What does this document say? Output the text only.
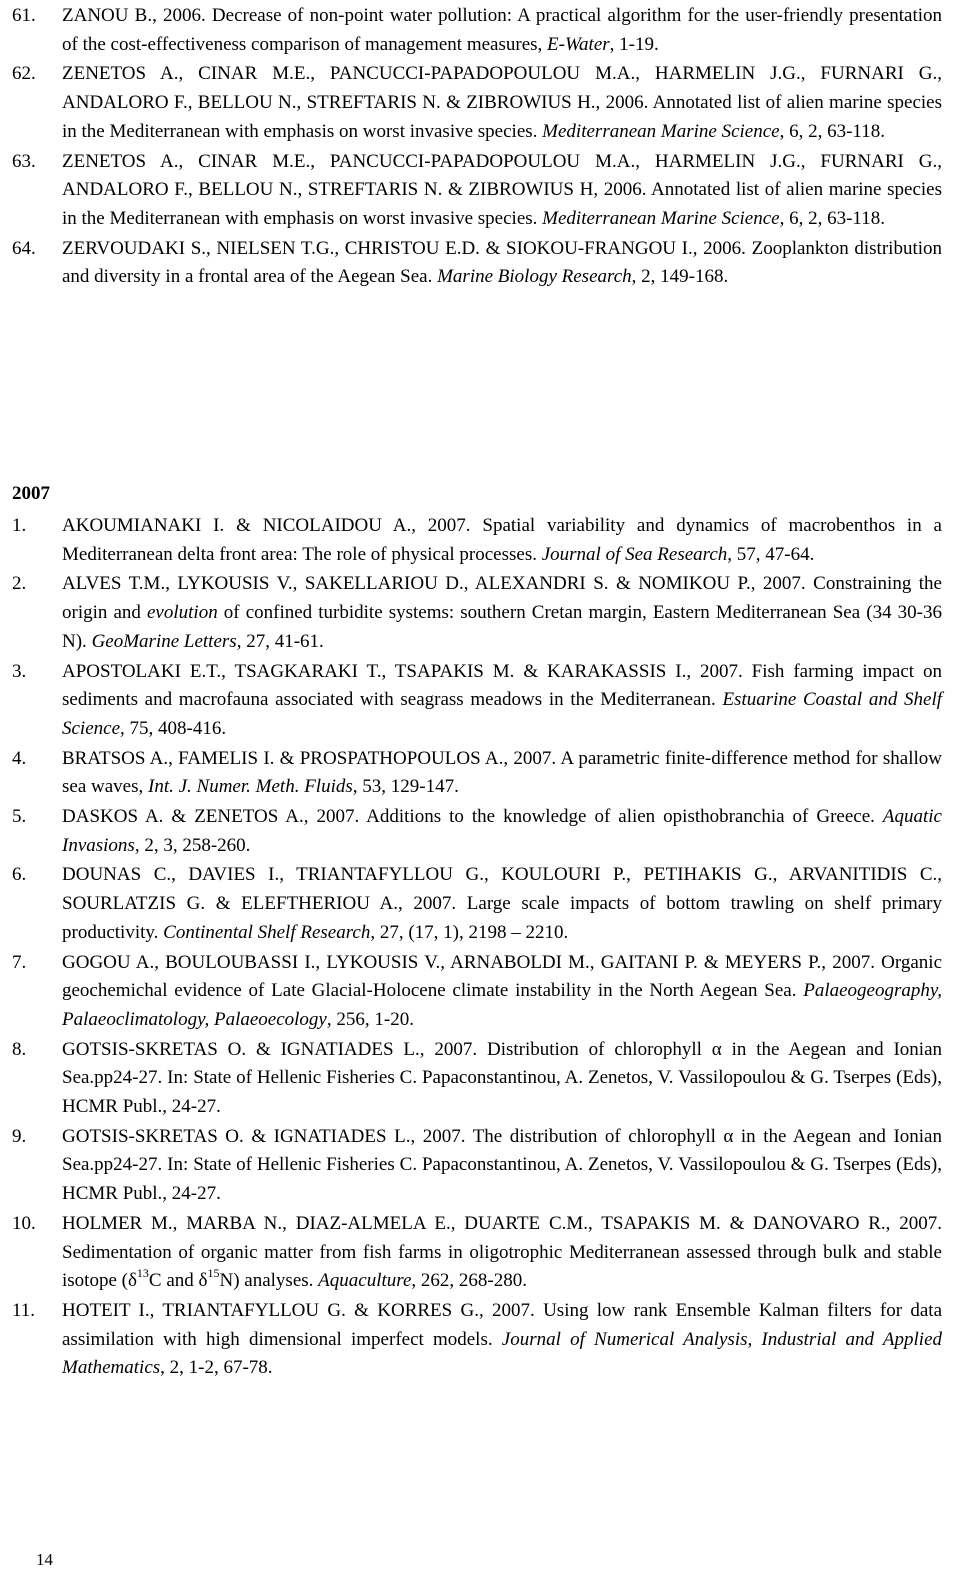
61. ZANOU B., 2006. Decrease of non-point water pollution: A practical algorithm for the user-friendly presentation of the cost-effectiveness comparison of management measures, E-Water, 1-19.
62. ZENETOS A., CINAR M.E., PANCUCCI-PAPADOPOULOU M.A., HARMELIN J.G., FURNARI G., ANDALORO F., BELLOU N., STREFTARIS N. & ZIBROWIUS H., 2006. Annotated list of alien marine species in the Mediterranean with emphasis on worst invasive species. Mediterranean Marine Science, 6, 2, 63-118.
63. ZENETOS A., CINAR M.E., PANCUCCI-PAPADOPOULOU M.A., HARMELIN J.G., FURNARI G., ANDALORO F., BELLOU N., STREFTARIS N. & ZIBROWIUS H, 2006. Annotated list of alien marine species in the Mediterranean with emphasis on worst invasive species. Mediterranean Marine Science, 6, 2, 63-118.
64. ZERVOUDAKI S., NIELSEN T.G., CHRISTOU E.D. & SIOKOU-FRANGOU I., 2006. Zooplankton distribution and diversity in a frontal area of the Aegean Sea. Marine Biology Research, 2, 149-168.
2007
1. AKOUMIANAKI I. & NICOLAIDOU A., 2007. Spatial variability and dynamics of macrobenthos in a Mediterranean delta front area: The role of physical processes. Journal of Sea Research, 57, 47-64.
2. ALVES T.M., LYKOUSIS V., SAKELLARIOU D., ALEXANDRI S. & NOMIKOU P., 2007. Constraining the origin and evolution of confined turbidite systems: southern Cretan margin, Eastern Mediterranean Sea (34 30-36 N). GeoMarine Letters, 27, 41-61.
3. APOSTOLAKI E.T., TSAGKARAKI T., TSAPAKIS M. & KARAKASSIS I., 2007. Fish farming impact on sediments and macrofauna associated with seagrass meadows in the Mediterranean. Estuarine Coastal and Shelf Science, 75, 408-416.
4. BRATSOS A., FAMELIS I. & PROSPATHOPOULOS A., 2007. A parametric finite-difference method for shallow sea waves, Int. J. Numer. Meth. Fluids, 53, 129-147.
5. DASKOS A. & ZENETOS A., 2007. Additions to the knowledge of alien opisthobranchia of Greece. Aquatic Invasions, 2, 3, 258-260.
6. DOUNAS C., DAVIES I., TRIANTAFYLLOU G., KOULOURI P., PETIHAKIS G., ARVANITIDIS C., SOURLATZIS G. & ELEFTHERIOU A., 2007. Large scale impacts of bottom trawling on shelf primary productivity. Continental Shelf Research, 27, (17, 1), 2198 – 2210.
7. GOGOU A., BOULOUBASSI I., LYKOUSIS V., ARNABOLDI M., GAITANI P. & MEYERS P., 2007. Organic geochemichal evidence of Late Glacial-Holocene climate instability in the North Aegean Sea. Palaeogeography, Palaeoclimatology, Palaeoecology, 256, 1-20.
8. GOTSIS-SKRETAS O. & IGNATIADES L., 2007. Distribution of chlorophyll α in the Aegean and Ionian Sea.pp24-27. In: State of Hellenic Fisheries C. Papaconstantinou, A. Zenetos, V. Vassilopoulou & G. Tserpes (Eds), HCMR Publ., 24-27.
9. GOTSIS-SKRETAS O. & IGNATIADES L., 2007. The distribution of chlorophyll α in the Aegean and Ionian Sea.pp24-27. In: State of Hellenic Fisheries C. Papaconstantinou, A. Zenetos, V. Vassilopoulou & G. Tserpes (Eds), HCMR Publ., 24-27.
10. HOLMER M., MARBA N., DIAZ-ALMELA E., DUARTE C.M., TSAPAKIS M. & DANOVARO R., 2007. Sedimentation of organic matter from fish farms in oligotrophic Mediterranean assessed through bulk and stable isotope ($\delta^{13}C$ and $\delta^{15}N$) analyses. Aquaculture, 262, 268-280.
11. HOTEIT I., TRIANTAFYLLOU G. & KORRES G., 2007. Using low rank Ensemble Kalman filters for data assimilation with high dimensional imperfect models. Journal of Numerical Analysis, Industrial and Applied Mathematics, 2, 1-2, 67-78.
14
